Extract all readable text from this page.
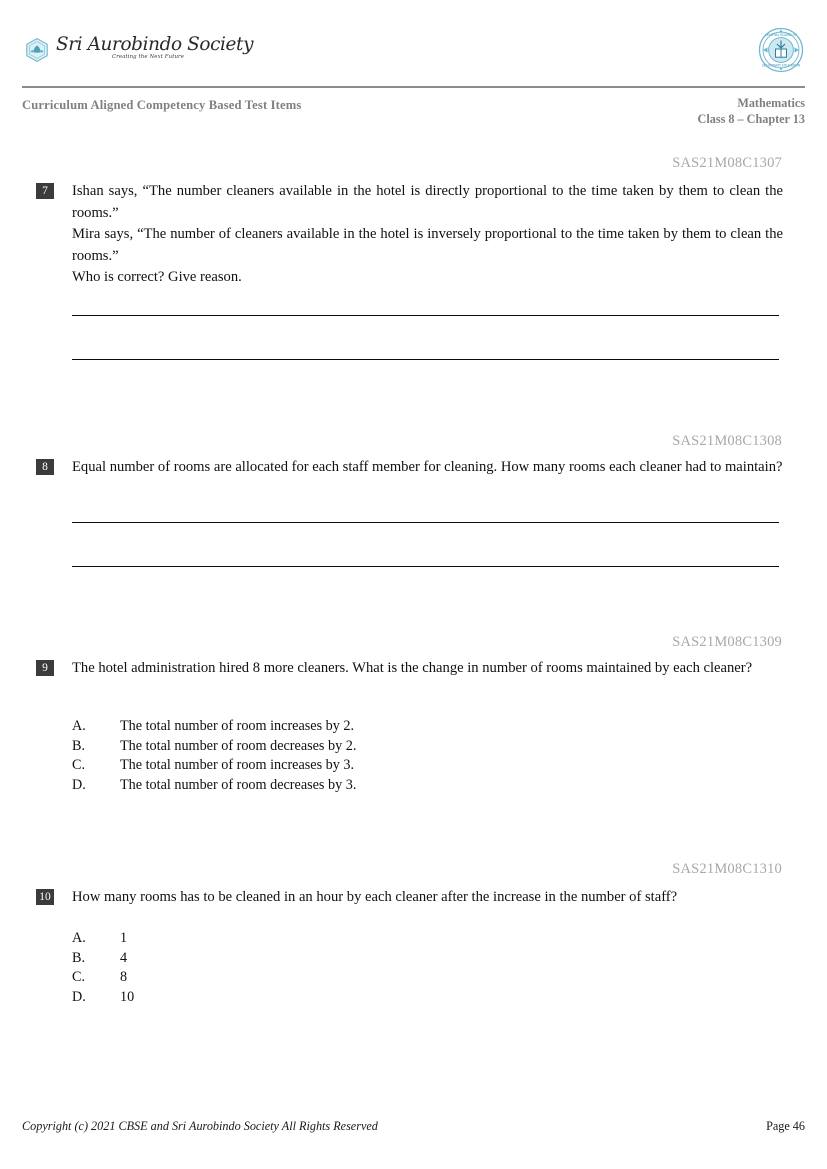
Sri Aurobindo Society
Creating the Next Future
CENTRAL BOARD OF
SECONDARY EDUCATION
Curriculum Aligned Competency Based Test Items	Mathematics
Class 8 – Chapter 13
SAS21M08C1307
7	Ishan says, “The number cleaners available in the hotel is directly proportional to the time taken by them to clean the rooms.”

Mira says, “The number of cleaners available in the hotel is inversely proportional to the time taken by them to clean the rooms.”

Who is correct? Give reason.

SAS21M08C1308
8	Equal number of rooms are allocated for each staff member for cleaning. How many rooms each cleaner had to maintain?

SAS21M08C1309
9	The hotel administration hired 8 more cleaners. What is the change in number of rooms maintained by each cleaner?

A. The total number of room increases by 2.
B. The total number of room decreases by 2.
C. The total number of room increases by 3.
D. The total number of room decreases by 3.
SAS21M08C1310
10 How many rooms has to be cleaned in an hour by each cleaner after the increase in the number of staff?

A. 1
B. 4
C. 8
D. 10
Copyright (c) 2021 CBSE and Sri Aurobindo Society All Rights Reserved	Page 46
